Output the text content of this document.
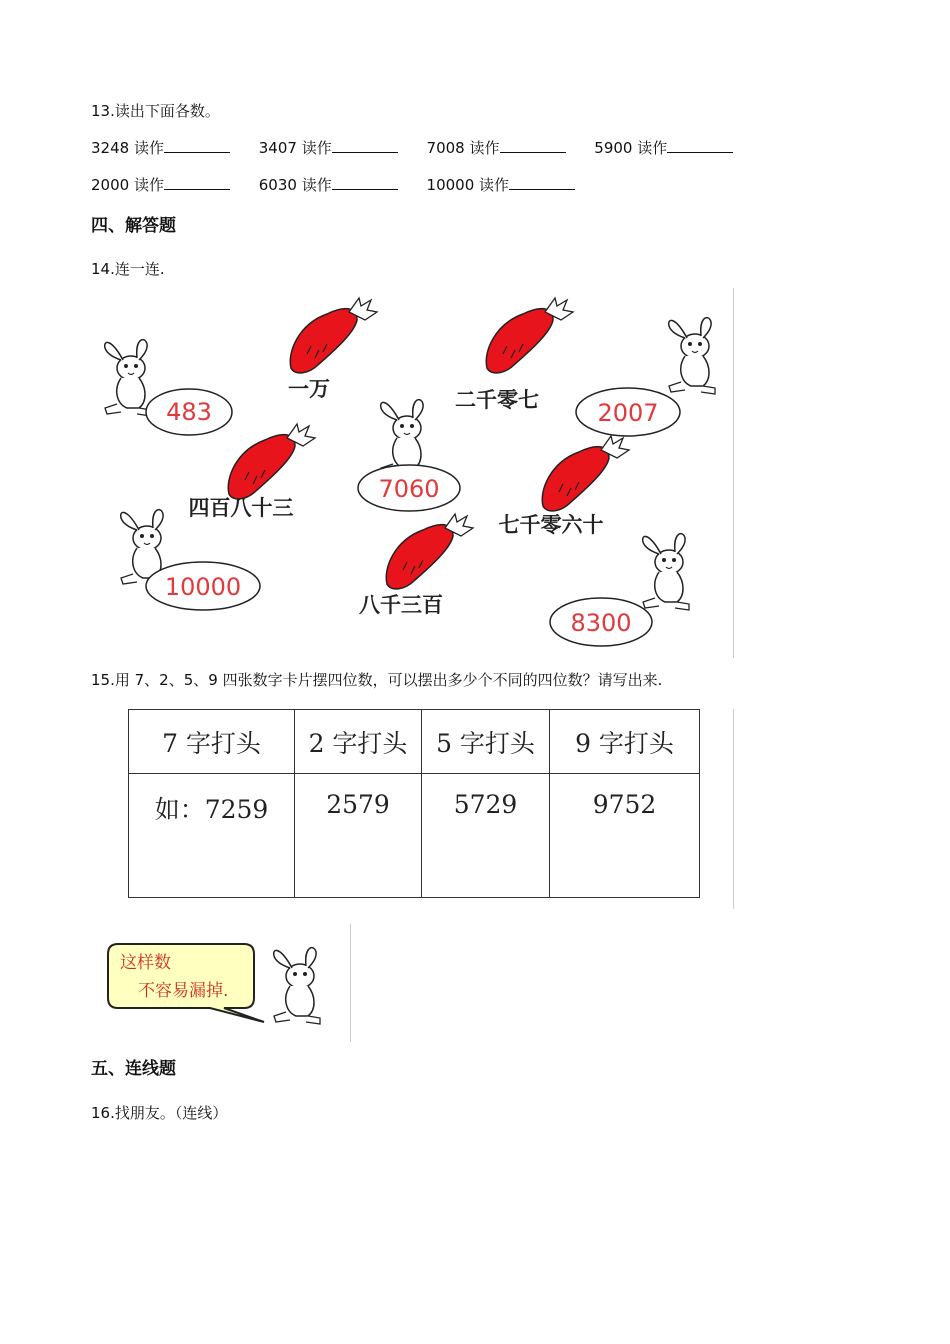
13.读出下面各数。
3248 读作	3407 读作	7008 读作	5900 读作
2000 读作	6030 读作	10000 读作
四、解答题
14.连一连.
483	2007
7060
10000
8300
一万	二千零七
四百八十三
七千零六十
八千三百
15.用 7、2、5、9 四张数字卡片摆四位数，可以摆出多少个不同的四位数？请写出来.
7 字打头	2 字打头	5 字打头	9 字打头
如：7259	2579	5729	9752
这样数
不容易漏掉.
五、连线题
16.找朋友。（连线）
